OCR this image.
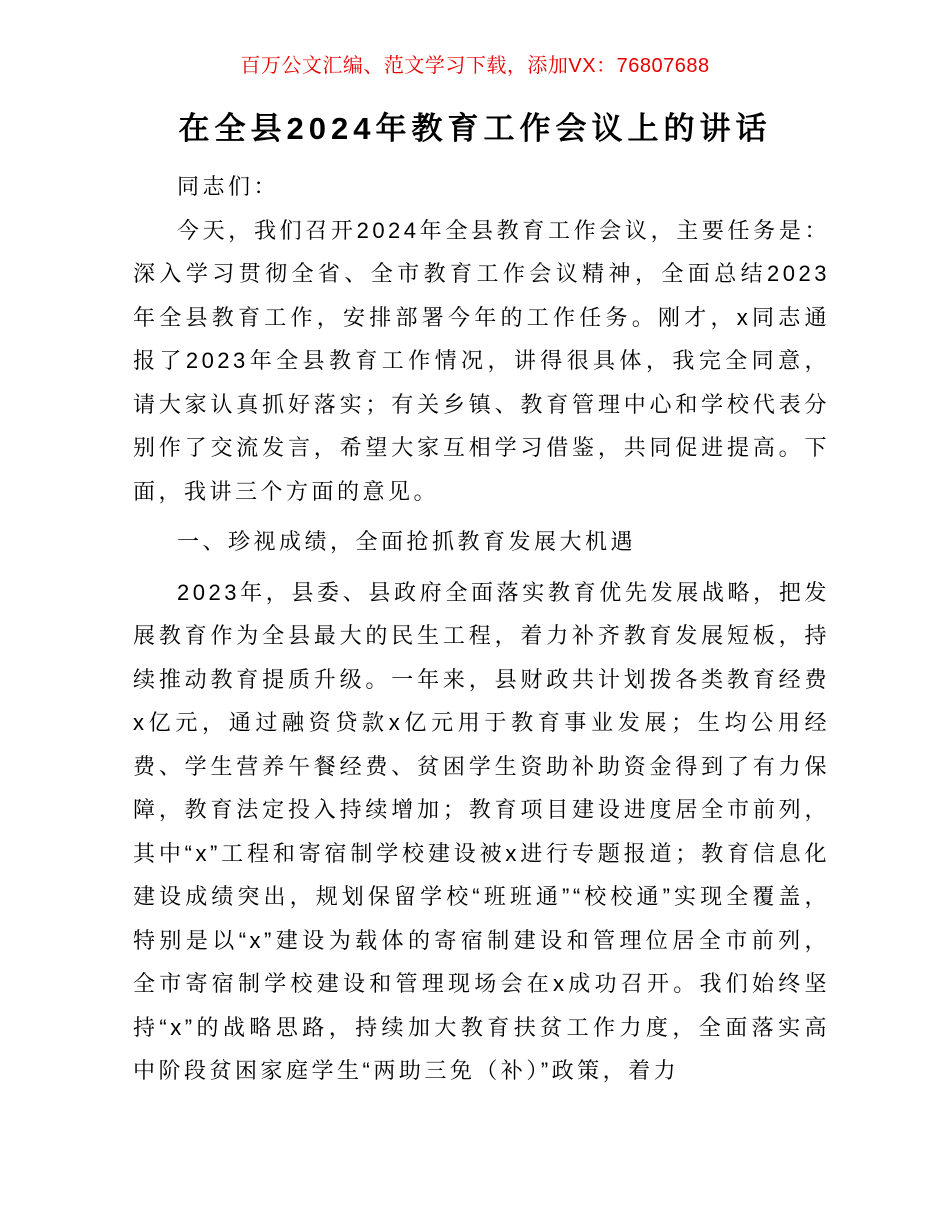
百万公文汇编、范文学习下载，添加VX：76807688
在全县2024年教育工作会议上的讲话

同志们：

今天，我们召开2024年全县教育工作会议，主要任务是：深入学习贯彻全省、全市教育工作会议精神，全面总结2023年全县教育工作，安排部署今年的工作任务。刚才，x同志通报了2023年全县教育工作情况，讲得很具体，我完全同意，请大家认真抓好落实；有关乡镇、教育管理中心和学校代表分别作了交流发言，希望大家互相学习借鉴，共同促进提高。下面，我讲三个方面的意见。

一、珍视成绩，全面抢抓教育发展大机遇

2023年，县委、县政府全面落实教育优先发展战略，把发展教育作为全县最大的民生工程，着力补齐教育发展短板，持续推动教育提质升级。一年来，县财政共计划拨各类教育经费x亿元，通过融资贷款x亿元用于教育事业发展；生均公用经费、学生营养午餐经费、贫困学生资助补助资金得到了有力保障，教育法定投入持续增加；教育项目建设进度居全市前列，其中“x”工程和寄宿制学校建设被x进行专题报道；教育信息化建设成绩突出，规划保留学校“班班通”“校校通”实现全覆盖，特别是以“x”建设为载体的寄宿制建设和管理位居全市前列，全市寄宿制学校建设和管理现场会在x成功召开。我们始终坚持“x”的战略思路，持续加大教育扶贫工作力度，全面落实高中阶段贫困家庭学生“两助三免（补）”政策，着力
